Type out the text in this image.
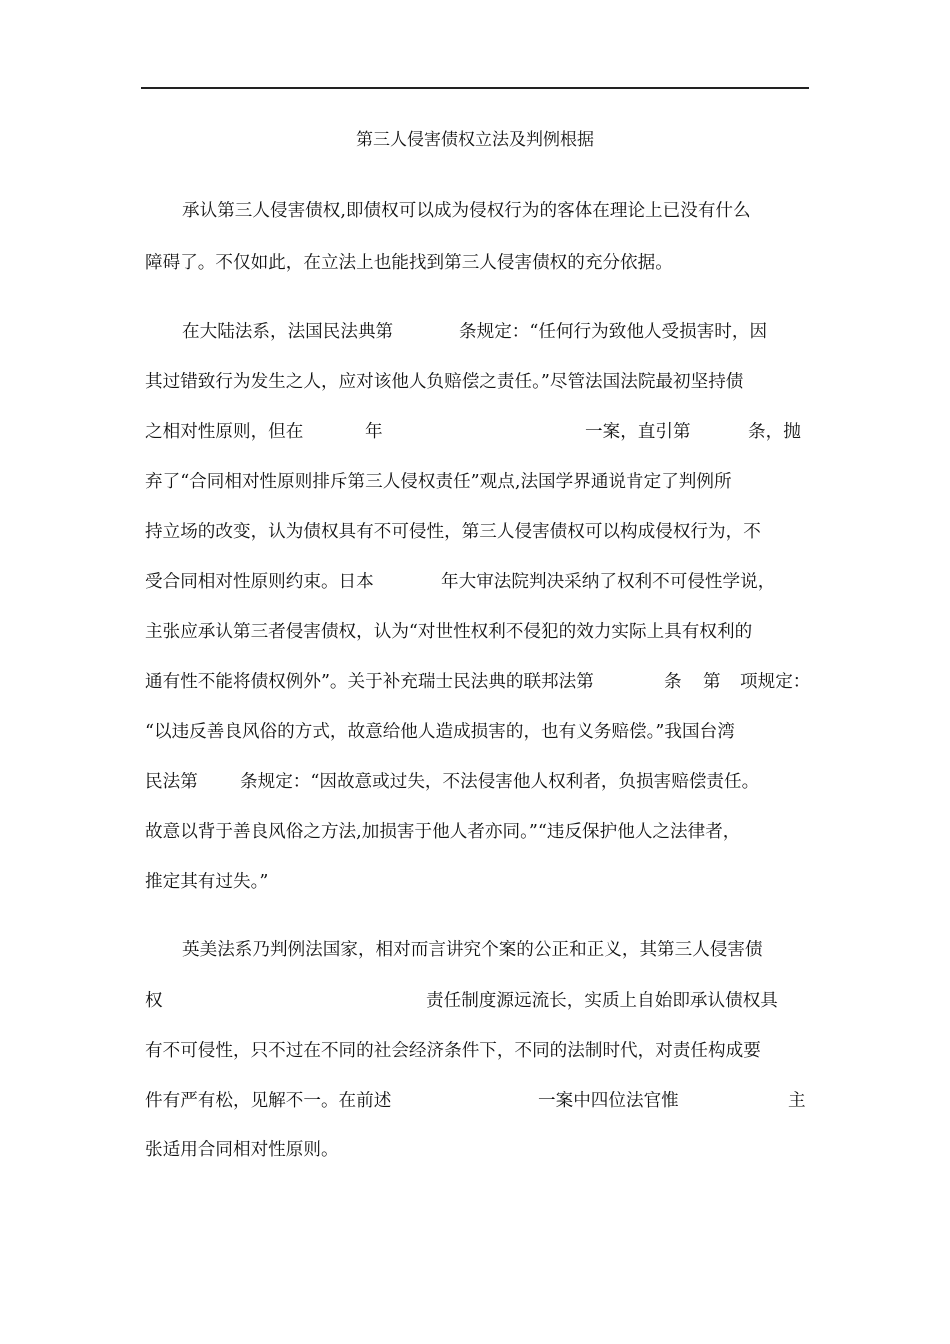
第三人侵害债权立法及判例根据
承认第三人侵害债权,即债权可以成为侵权行为的客体在理论上已没有什么
障碍了。不仅如此，在立法上也能找到第三人侵害债权的充分依据。
在大陆法系，法国民法典第	条规定：“任何行为致他人受损害时，因
其过错致行为发生之人，应对该他人负赔偿之责任。”尽管法国法院最初坚持债
之相对性原则，但在	年	一案，直引第	条，抛
弃了“合同相对性原则排斥第三人侵权责任”观点,法国学界通说肯定了判例所
持立场的改变，认为债权具有不可侵性，第三人侵害债权可以构成侵权行为，不
受合同相对性原则约束。日本	年大审法院判决采纳了权利不可侵性学说，
主张应承认第三者侵害债权，认为“对世性权利不侵犯的效力实际上具有权利的
通有性不能将债权例外”。关于补充瑞士民法典的联邦法第	条 第 项规定：
“以违反善良风俗的方式，故意给他人造成损害的，也有义务赔偿。”我国台湾
民法第 条规定：“因故意或过失，不法侵害他人权利者，负损害赔偿责任。
故意以背于善良风俗之方法,加损害于他人者亦同。”“违反保护他人之法律者，
推定其有过失。”
英美法系乃判例法国家，相对而言讲究个案的公正和正义，其第三人侵害债
权	责任制度源远流长，实质上自始即承认债权具
有不可侵性，只不过在不同的社会经济条件下，不同的法制时代，对责任构成要
件有严有松，见解不一。在前述	一案中四位法官惟	主
张适用合同相对性原则。
